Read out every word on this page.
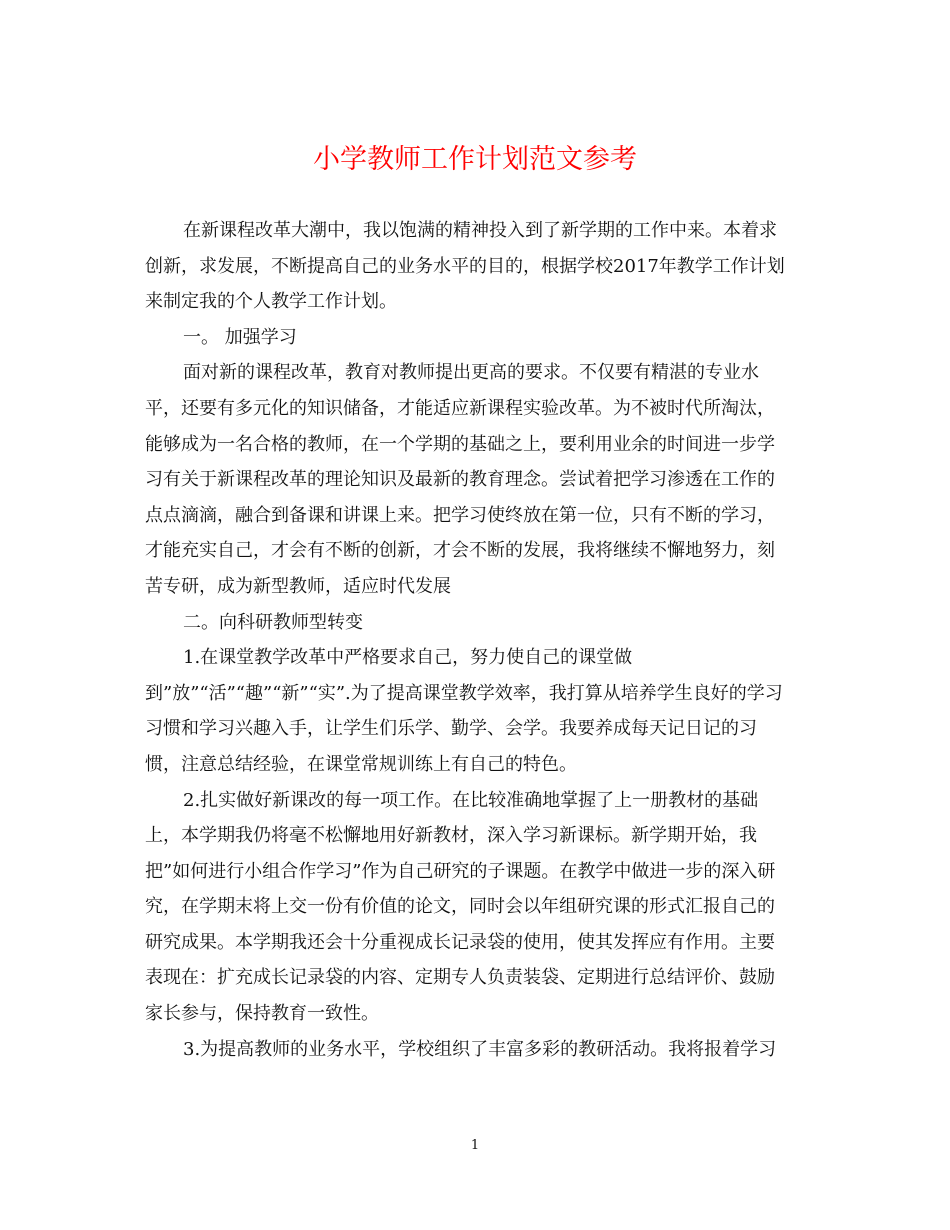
小学教师工作计划范文参考
在新课程改革大潮中，我以饱满的精神投入到了新学期的工作中来。本着求
创新，求发展，不断提高自己的业务水平的目的，根据学校2017年教学工作计划
来制定我的个人教学工作计划。
一。 加强学习
面对新的课程改革，教育对教师提出更高的要求。不仅要有精湛的专业水
平，还要有多元化的知识储备，才能适应新课程实验改革。为不被时代所淘汰，
能够成为一名合格的教师，在一个学期的基础之上，要利用业余的时间进一步学
习有关于新课程改革的理论知识及最新的教育理念。尝试着把学习渗透在工作的
点点滴滴，融合到备课和讲课上来。把学习使终放在第一位，只有不断的学习，
才能充实自己，才会有不断的创新，才会不断的发展，我将继续不懈地努力，刻
苦专研，成为新型教师，适应时代发展
二。向科研教师型转变
1.在课堂教学改革中严格要求自己，努力使自己的课堂做
到”放”“活”“趣”“新”“实”.为了提高课堂教学效率，我打算从培养学生良好的学习
习惯和学习兴趣入手，让学生们乐学、勤学、会学。我要养成每天记日记的习
惯，注意总结经验，在课堂常规训练上有自己的特色。
2.扎实做好新课改的每一项工作。在比较准确地掌握了上一册教材的基础
上，本学期我仍将毫不松懈地用好新教材，深入学习新课标。新学期开始，我
把”如何进行小组合作学习”作为自己研究的子课题。在教学中做进一步的深入研
究，在学期末将上交一份有价值的论文，同时会以年组研究课的形式汇报自己的
研究成果。本学期我还会十分重视成长记录袋的使用，使其发挥应有作用。主要
表现在：扩充成长记录袋的内容、定期专人负责装袋、定期进行总结评价、鼓励
家长参与，保持教育一致性。
3.为提高教师的业务水平，学校组织了丰富多彩的教研活动。我将报着学习
1
